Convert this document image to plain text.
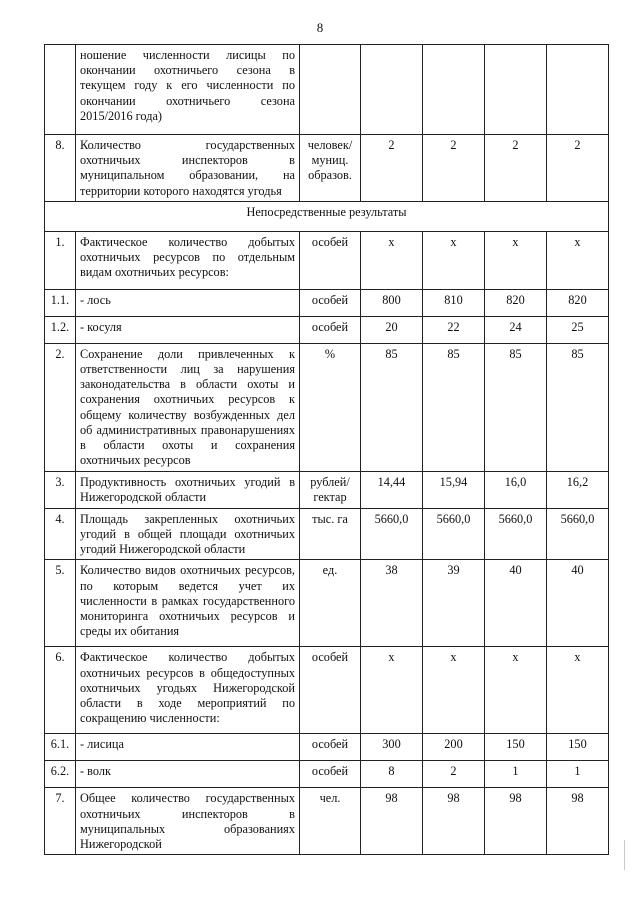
8
	ношение численности лисицы по окончании охотничьего сезона в текущем году к его численности по окончании охотничьего сезона 2015/2016 года)					
8.	Количество государственных охотничьих инспекторов в муниципальном образовании, на территории которого находятся угодья	человек/ муниц. образов.	2	2	2	2
Непосредственные результаты						
1.	Фактическое количество добытых охотничьих ресурсов по отдельным видам охотничьих ресурсов:	особей	х	х	х	х
1.1.	- лось	особей	800	810	820	820
1.2.	- косуля	особей	20	22	24	25
2.	Сохранение доли привлеченных к ответственности лиц за нарушения законодательства в области охоты и сохранения охотничьих ресурсов к общему количеству возбужденных дел об административных правонарушениях в области охоты и сохранения охотничьих ресурсов	%	85	85	85	85
3.	Продуктивность охотничьих угодий в Нижегородской области	рублей/ гектар	14,44	15,94	16,0	16,2
4.	Площадь закрепленных охотничьих угодий в общей площади охотничьих угодий Нижегородской области	тыс. га	5660,0	5660,0	5660,0	5660,0
5.	Количество видов охотничьих ресурсов, по которым ведется учет их численности в рамках государственного мониторинга охотничьих ресурсов и среды их обитания	ед.	38	39	40	40
6.	Фактическое количество добытых охотничьих ресурсов в общедоступных охотничьих угодьях Нижегородской области в ходе мероприятий по сокращению численности:	особей	х	х	х	х
6.1.	- лисица	особей	300	200	150	150
6.2.	- волк	особей	8	2	1	1
7.	Общее количество государственных охотничьих инспекторов в муниципальных образованиях Нижегородской	чел.	98	98	98	98
